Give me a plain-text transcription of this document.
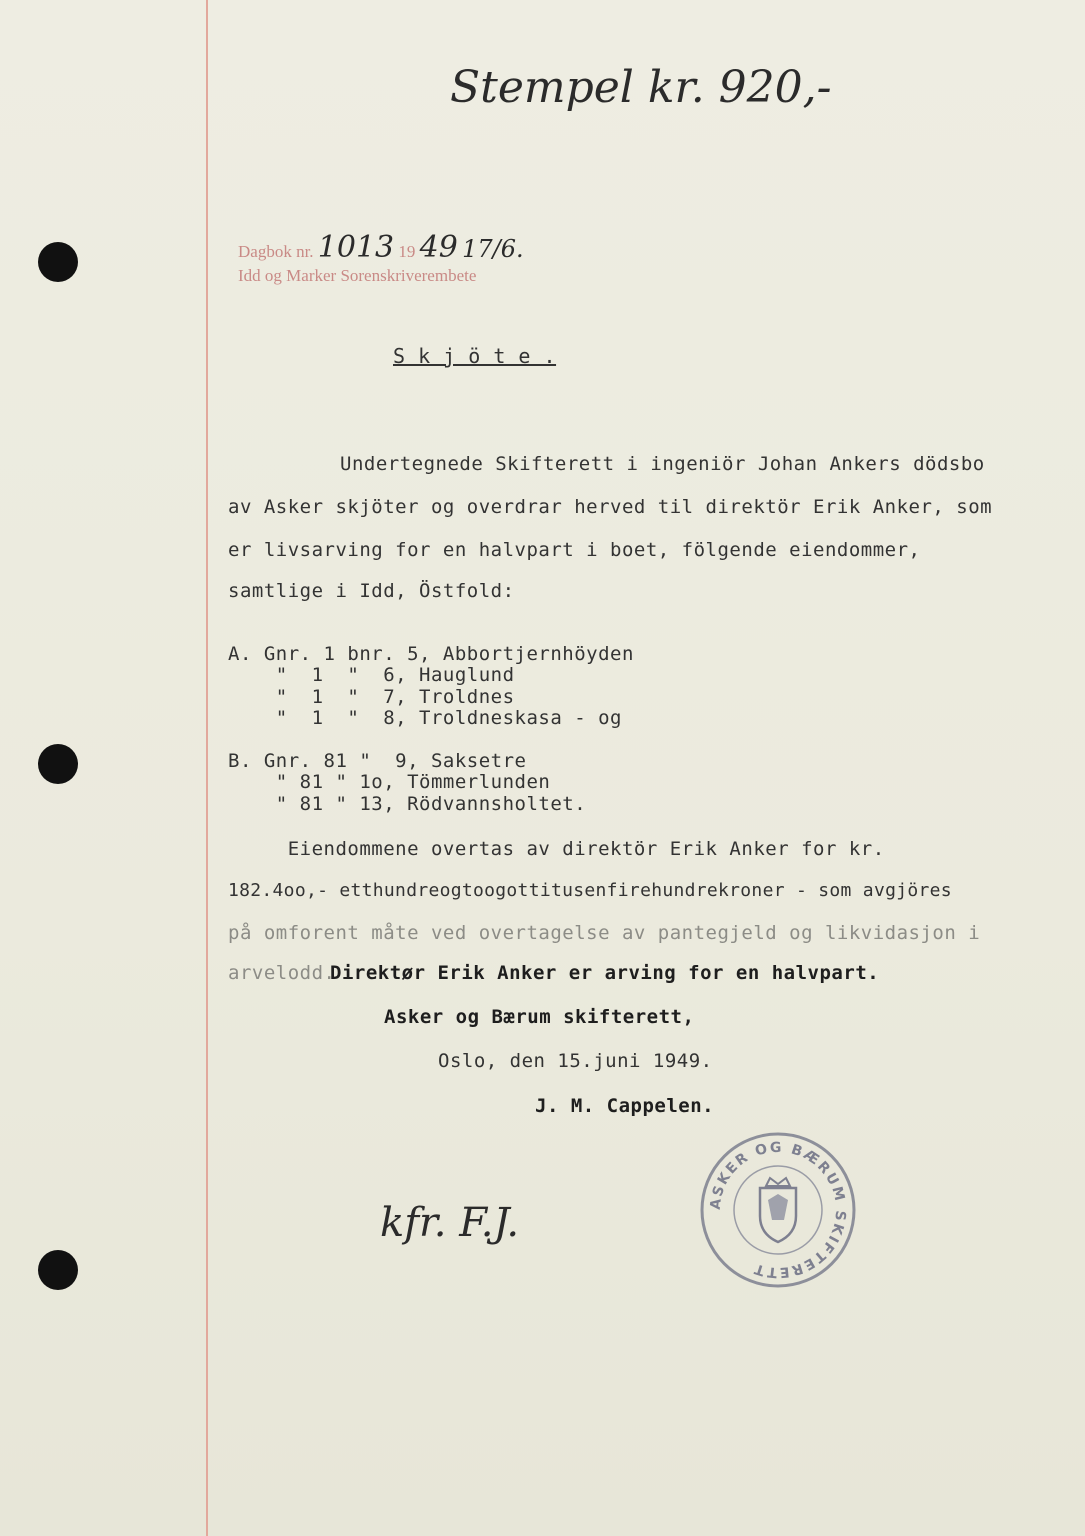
Stempel kr. 920,-
Dagbok nr. 1013 19 49 17/6.
Idd og Marker Sorenskriverembete
S k j ö t e .
Undertegnede Skifterett i ingeniör Johan Ankers dödsbo
av Asker skjöter og overdrar herved til direktör Erik Anker, som
er livsarving for en halvpart i boet, fölgende eiendommer,
samtlige i Idd, Östfold:
A. Gnr. 1 bnr. 5, Abbortjernhöyden
"  1  "  6, Hauglund
"  1  "  7, Troldnes
"  1  "  8, Troldneskasa - og
B. Gnr. 81 "  9, Saksetre
" 81 " 1o, Tömmerlunden
" 81 " 13, Rödvannsholtet.
Eiendommene overtas av direktör Erik Anker for kr.
182.4oo,- etthundreogtoogottitusenfirehundrekroner - som avgjöres
på omforent måte ved overtagelse av pantegjeld og likvidasjon i
arvelodd.
Direktør Erik Anker er arving for en halvpart.
Asker og Bærum skifterett,
Oslo, den 15.juni 1949.
J. M. Cappelen.
kfr. F.J.	ASKER OG BÆRUM SKIFTERETT
